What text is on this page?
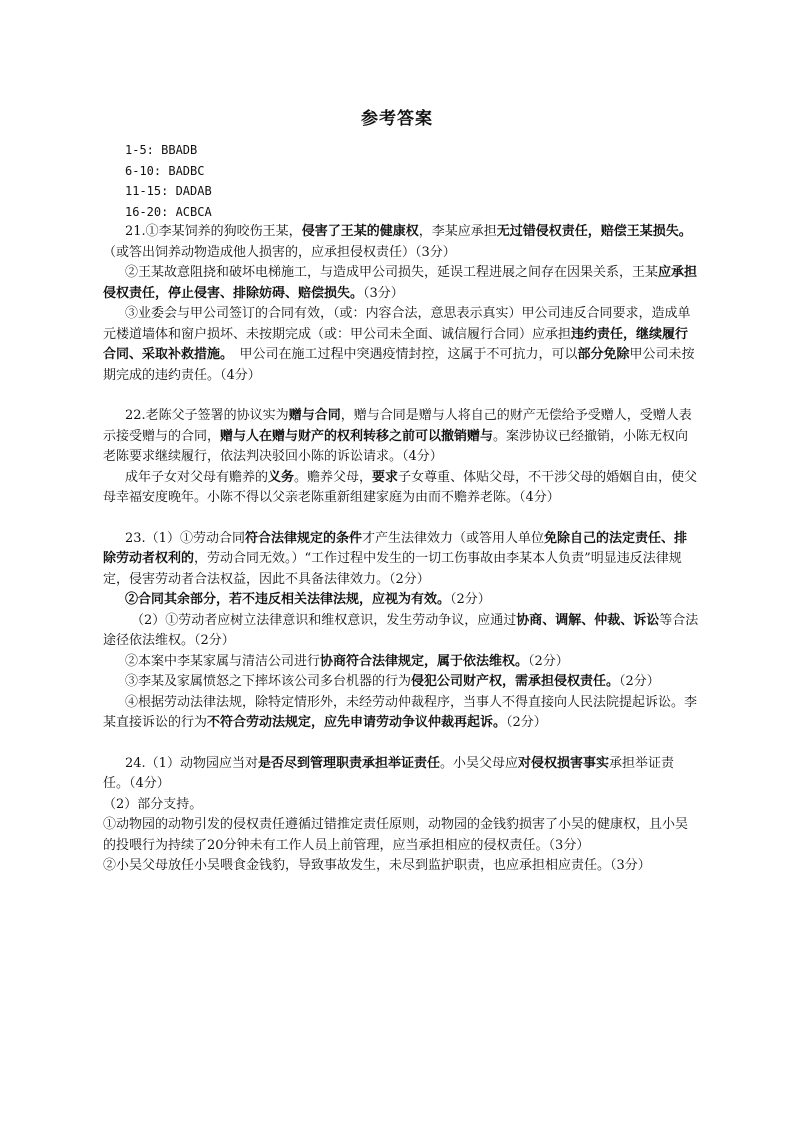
参考答案

1-5: BBADB

6-10: BADBC

11-15: DADAB

16-20: ACBCA

21.①李某饲养的狗咬伤王某，侵害了王某的健康权，李某应承担无过错侵权责任，赔偿王某损失。（或答出饲养动物造成他人损害的，应承担侵权责任）（3分）

②王某故意阻挠和破坏电梯施工，与造成甲公司损失，延误工程进展之间存在因果关系，王某应承担侵权责任，停止侵害、排除妨碍、赔偿损失。（3分）

③业委会与甲公司签订的合同有效，（或：内容合法，意思表示真实）甲公司违反合同要求，造成单元楼道墙体和窗户损坏、未按期完成（或：甲公司未全面、诚信履行合同）应承担违约责任，继续履行合同、采取补救措施。　甲公司在施工过程中突遇疫情封控，这属于不可抗力，可以部分免除甲公司未按期完成的违约责任。（4分）

22.老陈父子签署的协议实为赠与合同，赠与合同是赠与人将自己的财产无偿给予受赠人，受赠人表示接受赠与的合同，赠与人在赠与财产的权利转移之前可以撤销赠与。案涉协议已经撤销，小陈无权向老陈要求继续履行，依法判决驳回小陈的诉讼请求。（4分）

成年子女对父母有赡养的义务。赡养父母，要求子女尊重、体贴父母，不干涉父母的婚姻自由，使父母幸福安度晚年。小陈不得以父亲老陈重新组建家庭为由而不赡养老陈。（4分）

23.（1）①劳动合同符合法律规定的条件才产生法律效力（或答用人单位免除自己的法定责任、排除劳动者权利的，劳动合同无效。）“工作过程中发生的一切工伤事故由李某本人负责”明显违反法律规定，侵害劳动者合法权益，因此不具备法律效力。（2分）

②合同其余部分，若不违反相关法律法规，应视为有效。（2分）

（2）①劳动者应树立法律意识和维权意识，发生劳动争议，应通过协商、调解、仲裁、诉讼等合法途径依法维权。（2分）

②本案中李某家属与清洁公司进行协商符合法律规定，属于依法维权。（2分）

③李某及家属愤怒之下摔坏该公司多台机器的行为侵犯公司财产权，需承担侵权责任。（2分）

④根据劳动法律法规，除特定情形外，未经劳动仲裁程序，当事人不得直接向人民法院提起诉讼。李某直接诉讼的行为不符合劳动法规定，应先申请劳动争议仲裁再起诉。（2分）

24.（1）动物园应当对是否尽到管理职责承担举证责任。小吴父母应对侵权损害事实承担举证责任。（4分）

（2）部分支持。

①动物园的动物引发的侵权责任遵循过错推定责任原则，动物园的金钱豹损害了小吴的健康权，且小吴的投喂行为持续了20分钟未有工作人员上前管理，应当承担相应的侵权责任。（3分）

②小吴父母放任小吴喂食金钱豹，导致事故发生，未尽到监护职责，也应承担相应责任。（3分）
